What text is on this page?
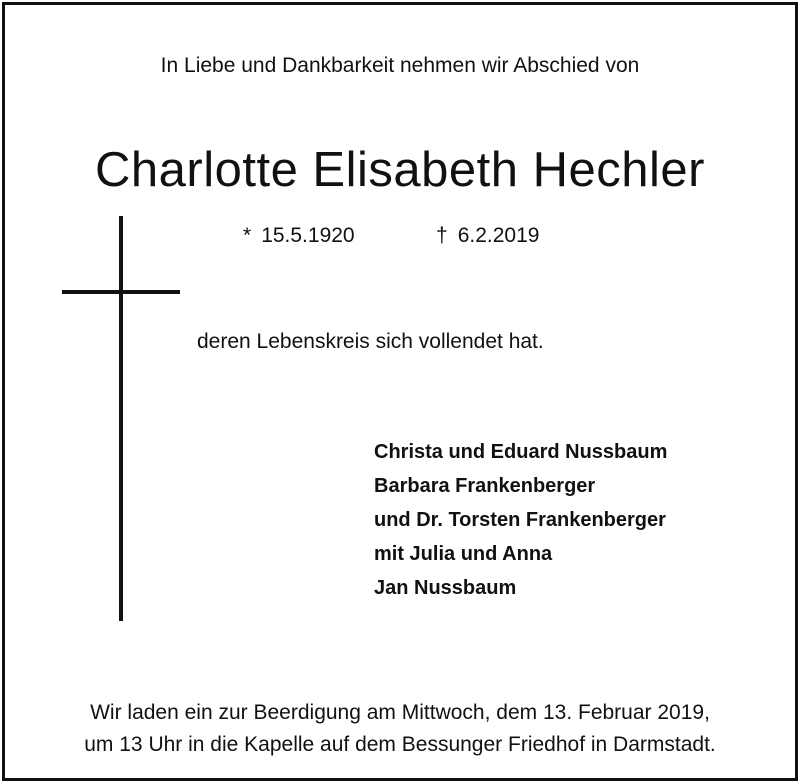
In Liebe und Dankbarkeit nehmen wir Abschied von
Charlotte Elisabeth Hechler
* 15.5.1920	† 6.2.2019
deren Lebenskreis sich vollendet hat.
Christa und Eduard Nussbaum
Barbara Frankenberger
und Dr. Torsten Frankenberger
mit Julia und Anna
Jan Nussbaum
Wir laden ein zur Beerdigung am Mittwoch, dem 13. Februar 2019,
um 13 Uhr in die Kapelle auf dem Bessunger Friedhof in Darmstadt.
